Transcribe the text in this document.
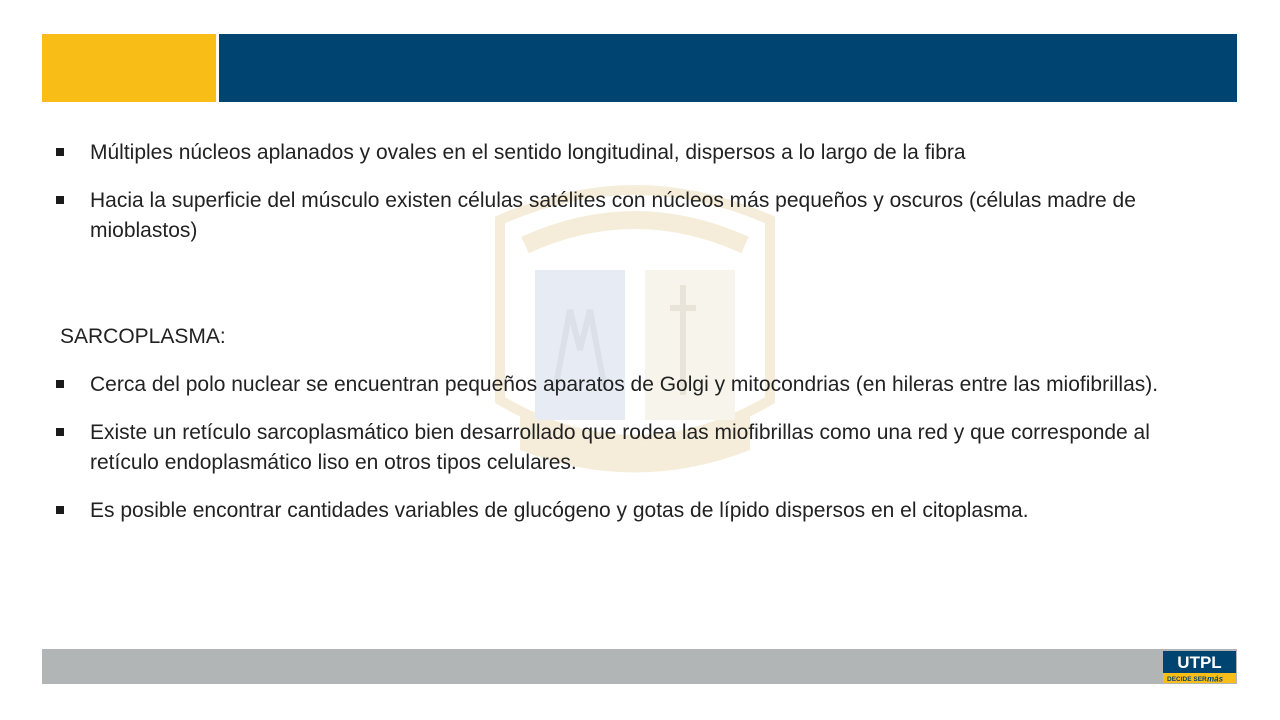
Múltiples núcleos aplanados y ovales en el sentido longitudinal, dispersos a lo largo de la fibra
Hacia la superficie del músculo existen células satélites con núcleos más pequeños y oscuros (células madre de mioblastos)
SARCOPLASMA:
Cerca del polo nuclear se encuentran pequeños aparatos de Golgi y mitocondrias (en hileras entre las miofibrillas).
Existe un retículo sarcoplasmático bien desarrollado que rodea las miofibrillas como una red y que corresponde al retículo endoplasmático liso en otros tipos celulares.
Es posible encontrar cantidades variables de glucógeno y gotas de lípido dispersos en el citoplasma.
UTPL
DECIDE SER más
